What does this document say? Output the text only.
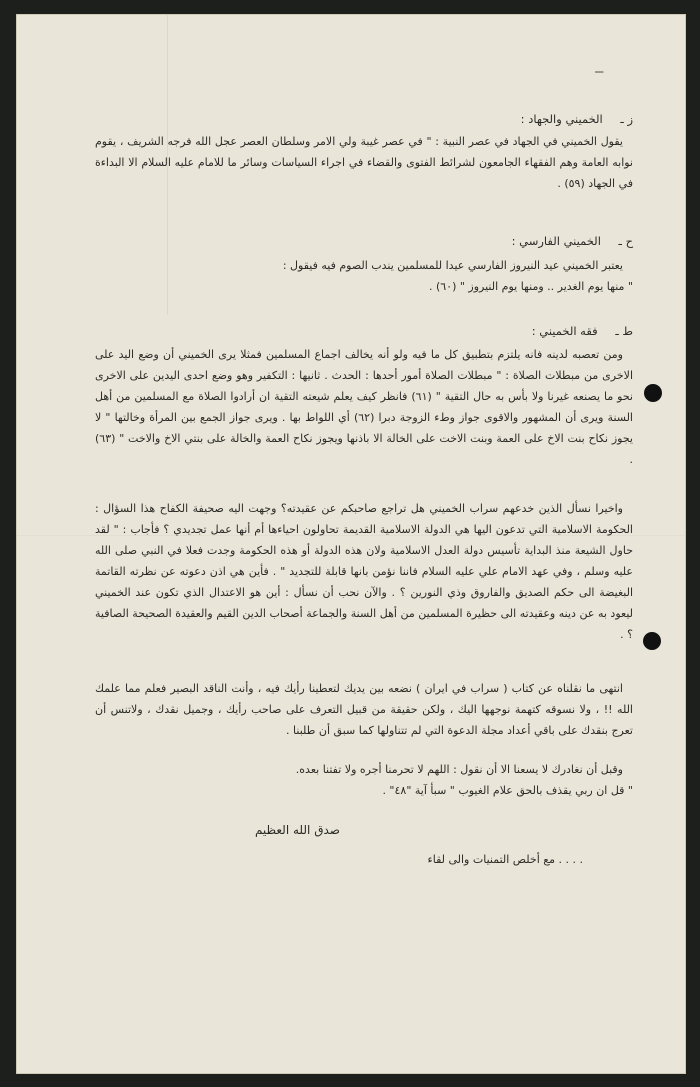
—
ز ـ الخميني والجهاد :
يقول الخميني في الجهاد في عصر النبية : " في عصر غيبة ولي الامر وسلطان العصر عجل الله فرجه الشريف ، يقوم نوابه العامة وهم الفقهاء الجامعون لشرائط الفتوى والقضاء في اجراء السياسات وسائر ما للامام عليه السلام الا البداءة في الجهاد (٥٩) .
ح ـ الخميني الفارسي :
يعتبر الخميني عيد النيروز الفارسي عيدا للمسلمين يندب الصوم فيه فيقول :
" منها يوم الغدير .. ومنها يوم النيروز " (٦٠) .
ط ـ فقه الخميني :
ومن تعصبه لدينه فانه يلتزم بتطبيق كل ما فيه ولو أنه يخالف اجماع المسلمين فمثلا يرى الخميني أن وضع اليد على الاخرى من مبطلات الصلاة : " مبطلات الصلاة أمور أحدها : الحدث . ثانيها : التكفير وهو وضع احدى اليدين على الاخرى نحو ما يصنعه غيرنا ولا بأس به حال التقية " (٦١) فانظر كيف يعلم شيعته التقية ان أرادوا الصلاة مع المسلمين من أهل السنة ويرى أن المشهور والاقوى جواز وطء الزوجة دبرا (٦٢) أي اللواط بها . ويرى جواز الجمع بين المرأة وخالتها " لا يجوز نكاح بنت الاخ على العمة وبنت الاخت على الخالة الا باذنها ويجوز نكاح العمة والخالة على بنتي الاخ والاخت " (٦٣) .
واخيرا نسأل الذين خدعهم سراب الخميني هل تراجع صاحبكم عن عقيدته؟ وجهت اليه صحيفة الكفاح هذا السؤال : الحكومة الاسلامية التي تدعون اليها هي الدولة الاسلامية القديمة تحاولون احياءها أم أنها عمل تجديدي ؟ فأجاب : " لقد حاول الشيعة منذ البداية تأسيس دولة العدل الاسلامية ولان هذه الدولة أو هذه الحكومة وجدت فعلا في النبي صلى الله عليه وسلم ، وفي عهد الامام علي عليه السلام فاننا نؤمن بانها قابلة للتجديد " . فأين هي اذن دعوته عن نظرته القاتمة البغيضة الى حكم الصديق والفاروق وذي النورين ؟ . والآن نحب أن نسأل : أين هو الاعتدال الذي تكون عند الخميني ليعود به عن دينه وعقيدته الى حظيرة المسلمين من أهل السنة والجماعة أصحاب الدين القيم والعقيدة الصحيحة الصافية ؟ .
انتهى ما نقلناه عن كتاب ( سراب في ايران ) نضعه بين يديك لتعطينا رأيك فيه ، وأنت الناقد البصير فعلم مما علمك الله !! ، ولا نسوقه كتهمة نوجهها اليك ، ولكن حقيقة من قبيل التعرف على صاحب رأيك ، وجميل نقدك ، ولاتنس أن تعرج بنقدك على باقي أعداد مجلة الدعوة التي لم تتناولها كما سبق أن طلبنا .
وقبل أن نغادرك لا يسعنا الا أن نقول : اللهم لا تحرمنا أجره ولا تفتنا بعده.
" قل ان ربي يقذف بالحق علام الغيوب " سبأ آية "٤٨" .
صدق الله العظيم
. . . . مع أخلص التمنيات والى لقاء
